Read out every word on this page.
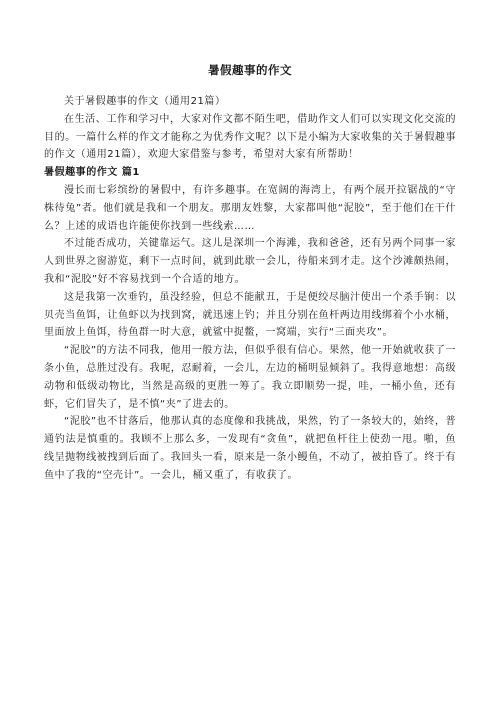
暑假趣事的作文

关于暑假趣事的作文（通用21篇）

在生活、工作和学习中，大家对作文都不陌生吧，借助作文人们可以实现文化交流的目的。一篇什么样的作文才能称之为优秀作文呢？以下是小编为大家收集的关于暑假趣事的作文（通用21篇），欢迎大家借鉴与参考，希望对大家有所帮助！

暑假趣事的作文 篇1

漫长而七彩缤纷的暑假中，有许多趣事。在宽阔的海湾上，有两个展开拉锯战的“守株待兔”者。他们就是我和一个朋友。那朋友姓黎，大家都叫他“泥胶”，至于他们在干什么？上述的成语也许能使你找到一些线索……

不过能否成功，关键靠运气。这儿是深圳一个海滩，我和爸爸，还有另两个同事一家人到世界之窗游览，剩下一点时间，就到此歇一会儿，待船来到才走。这个沙滩颇热闹，我和“泥胶”好不容易找到一个合适的地方。

这是我第一次垂钓，虽没经验，但总不能献丑，于是便绞尽脑汁使出一个杀手锏：以贝壳当鱼饵，让鱼虾以为找到窝，就迅速上钓；并且分别在鱼杆两边用线绑着个小水桶，里面放上鱼饵，待鱼群一时大意，就鲨中捉鳖，一窝端，实行“三面夹攻”。

“泥胶”的方法不同我，他用一般方法，但似乎很有信心。果然，他一开始就收获了一条小鱼，总胜过没有。我呢，忍耐着，一会儿，左边的桶明显倾斜了。我得意地想：高级动物和低级动物比，当然是高级的更胜一筹了。我立即顺势一提，哇，一桶小鱼，还有虾，它们冒失了，是不慎“夹”了进去的。

“泥胶”也不甘落后，他那认真的态度像和我挑战，果然，钓了一条较大的，始终，普通钓法是慎重的。我顾不上那么多，一发现有“贪鱼”，就把鱼杆往上使劲一甩。啪，鱼线呈抛物线被拽到后面了。我回头一看，原来是一条小鳗鱼，不动了，被拍昏了。终于有鱼中了我的“空壳计”。一会儿，桶又重了，有收获了。
